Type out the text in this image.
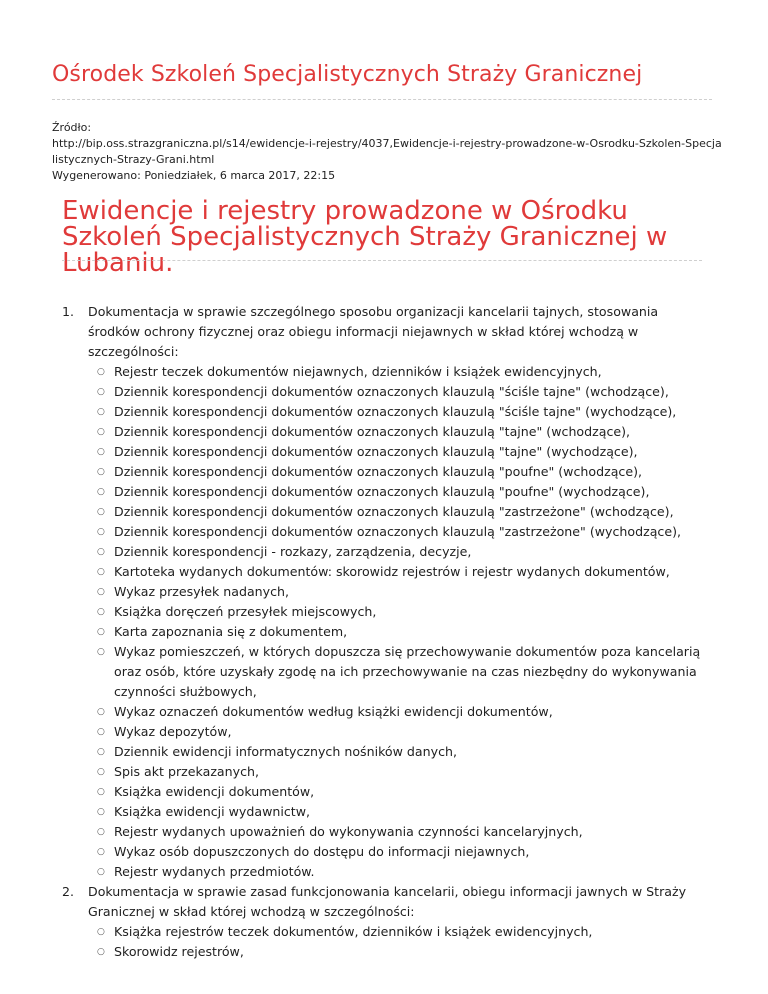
Ośrodek Szkoleń Specjalistycznych Straży Granicznej
Źródło:
http://bip.oss.strazgraniczna.pl/s14/ewidencje-i-rejestry/4037,Ewidencje-i-rejestry-prowadzone-w-Osrodku-Szkolen-Specjalistycznych-Strazy-Grani.html
Wygenerowano: Poniedziałek, 6 marca 2017, 22:15
Ewidencje i rejestry prowadzone w Ośrodku Szkoleń Specjalistycznych Straży Granicznej w Lubaniu.
1. Dokumentacja w sprawie szczególnego sposobu organizacji kancelarii tajnych, stosowania środków ochrony fizycznej oraz obiegu informacji niejawnych w skład której wchodzą w szczególności:
○ Rejestr teczek dokumentów niejawnych, dzienników i książek ewidencyjnych,
○ Dziennik korespondencji dokumentów oznaczonych klauzulą "ściśle tajne" (wchodzące),
○ Dziennik korespondencji dokumentów oznaczonych klauzulą "ściśle tajne" (wychodzące),
○ Dziennik korespondencji dokumentów oznaczonych klauzulą "tajne" (wchodzące),
○ Dziennik korespondencji dokumentów oznaczonych klauzulą "tajne" (wychodzące),
○ Dziennik korespondencji dokumentów oznaczonych klauzulą "poufne" (wchodzące),
○ Dziennik korespondencji dokumentów oznaczonych klauzulą "poufne" (wychodzące),
○ Dziennik korespondencji dokumentów oznaczonych klauzulą "zastrzeżone" (wchodzące),
○ Dziennik korespondencji dokumentów oznaczonych klauzulą "zastrzeżone" (wychodzące),
○ Dziennik korespondencji - rozkazy, zarządzenia, decyzje,
○ Kartoteka wydanych dokumentów: skorowidz rejestrów i rejestr wydanych dokumentów,
○ Wykaz przesyłek nadanych,
○ Książka doręczeń przesyłek miejscowych,
○ Karta zapoznania się z dokumentem,
○ Wykaz pomieszczeń, w których dopuszcza się przechowywanie dokumentów poza kancelarią oraz osób, które uzyskały zgodę na ich przechowywanie na czas niezbędny do wykonywania czynności służbowych,
○ Wykaz oznaczeń dokumentów według książki ewidencji dokumentów,
○ Wykaz depozytów,
○ Dziennik ewidencji informatycznych nośników danych,
○ Spis akt przekazanych,
○ Książka ewidencji dokumentów,
○ Książka ewidencji wydawnictw,
○ Rejestr wydanych upoważnień do wykonywania czynności kancelaryjnych,
○ Wykaz osób dopuszczonych do dostępu do informacji niejawnych,
○ Rejestr wydanych przedmiotów.
2. Dokumentacja w sprawie zasad funkcjonowania kancelarii, obiegu informacji jawnych w Straży Granicznej w skład której wchodzą w szczególności:
○ Książka rejestrów teczek dokumentów, dzienników i książek ewidencyjnych,
○ Skorowidz rejestrów,
